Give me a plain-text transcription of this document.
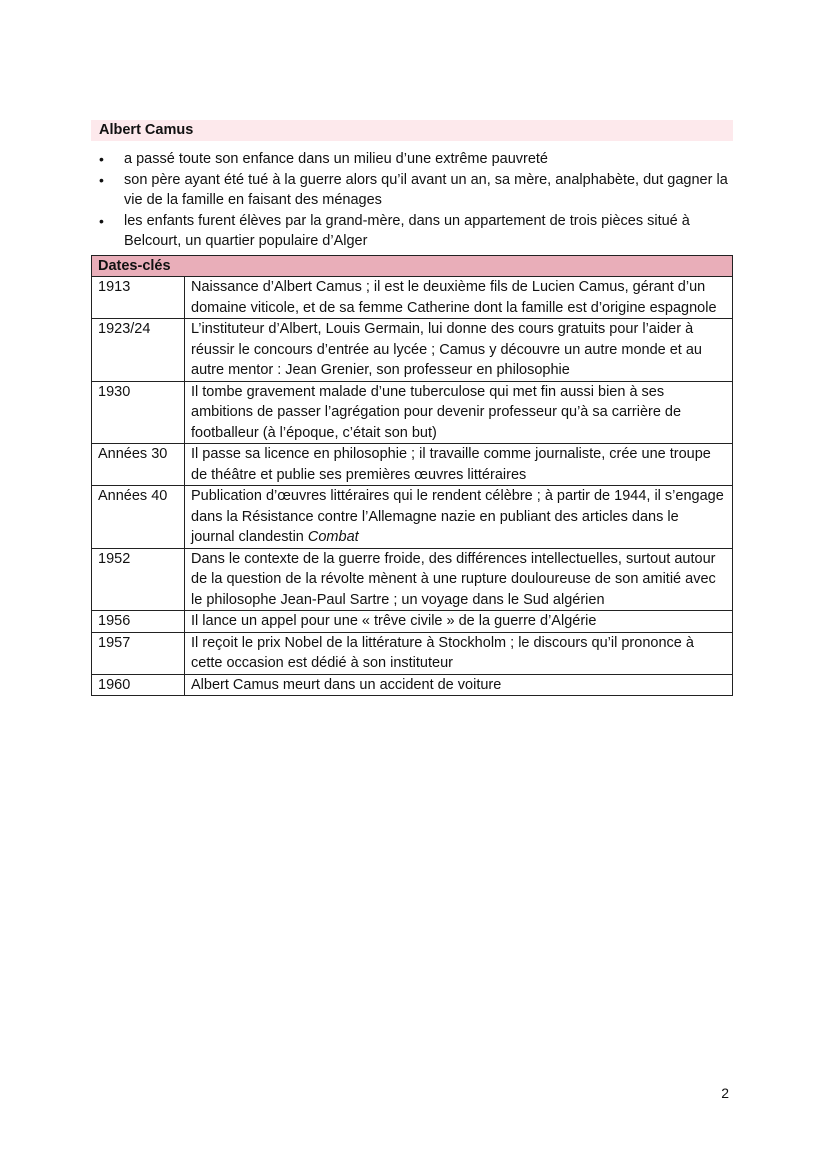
Albert Camus
• a passé toute son enfance dans un milieu d’une extrême pauvreté
• son père ayant été tué à la guerre alors qu’il avant un an, sa mère, analphabète, dut gagner la vie de la famille en faisant des ménages
• les enfants furent élèves par la grand-mère, dans un appartement de trois pièces situé à Belcourt, un quartier populaire d’Alger
Dates-clés	
1913	Naissance d’Albert Camus ; il est le deuxième fils de Lucien Camus, gérant d’un domaine viticole, et de sa femme Catherine dont la famille est d’origine espagnole
1923/24	L’instituteur d’Albert, Louis Germain, lui donne des cours gratuits pour l’aider à réussir le concours d’entrée au lycée ; Camus y découvre un autre monde et au autre mentor : Jean Grenier, son professeur en philosophie
1930	Il tombe gravement malade d’une tuberculose qui met fin aussi bien à ses ambitions de passer l’agrégation pour devenir professeur qu’à sa carrière de footballeur (à l’époque, c’était son but)
Années 30	Il passe sa licence en philosophie ; il travaille comme journaliste, crée une troupe de théâtre et publie ses premières œuvres littéraires
Années 40	Publication d’œuvres littéraires qui le rendent célèbre ; à partir de 1944, il s’engage dans la Résistance contre l’Allemagne nazie en publiant des articles dans le journal clandestin Combat
1952	Dans le contexte de la guerre froide, des différences intellectuelles, surtout autour de la question de la révolte mènent à une rupture douloureuse de son amitié avec le philosophe Jean-Paul Sartre ; un voyage dans le Sud algérien
1956	Il lance un appel pour une « trêve civile » de la guerre d’Algérie
1957	Il reçoit le prix Nobel de la littérature à Stockholm ; le discours qu’il prononce à cette occasion est dédié à son instituteur
1960	Albert Camus meurt dans un accident de voiture
2
